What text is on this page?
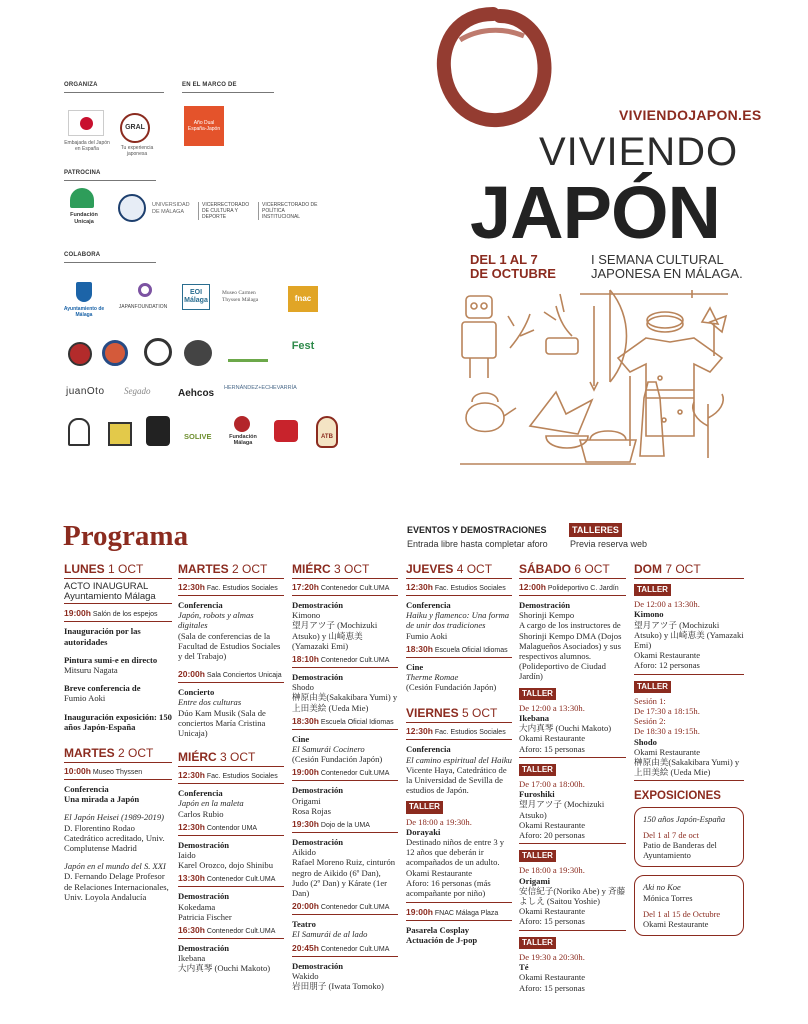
ORGANIZA	EN EL MARCO DE
Embajada del Japón en España
GRAL
Tu experiencia japonesa
Año Dual España-Japón
PATROCINA
Fundación Unicaja
UNIVERSIDAD DE MÁLAGA
VICERRECTORADO DE CULTURA Y DEPORTE
VICERRECTORADO DE POLÍTICA INSTITUCIONAL
COLABORA
Ayuntamiento de Málaga
JAPANFOUNDATION
EOI Málaga
Museo Carmen Thyssen Málaga	fnac
Fest
juanOto Segado	Aehcos HERNÁNDEZ+ECHEVARRÍA
SOLIVE	Fundación Málaga
ATB
VIVIENDOJAPON.ES
VIVIENDO
JAPÓN
DEL 1 AL 7
DE OCTUBRE
I SEMANA CULTURAL
JAPONESA EN MÁLAGA.
Programa	EVENTOS Y DEMOSTRACIONES
Entrada libre hasta completar aforo
TALLERES
Previa reserva web
LUNES 1 OCT
ACTO INAUGURAL
Ayuntamiento Málaga
19:00h Salón de los espejos
Inauguración por las autoridades
Pintura sumi-e en directo
Mitsuru Nagata
Breve conferencia de
Fumio Aoki
Inauguración exposición: 150 años Japón-España
MARTES 2 OCT
10:00h Museo Thyssen
Conferencia
Una mirada a Japón
El Japón Heisei (1989-2019)
D. Florentino Rodao Catedrático acreditado, Univ. Complutense Madrid
Japón en el mundo del S. XXI
D. Fernando Delage Profesor de Relaciones Internacionales, Univ. Loyola Andalucía
MARTES 2 OCT
12:30h Fac. Estudios Sociales
Conferencia
Japón, robots y almas digitales
(Sala de conferencias de la Facultad de Estudios Sociales y del Trabajo)
20:00h Sala Conciertos Unicaja
Concierto
Entre dos culturas
Dúo Kam Musik (Sala de conciertos María Cristina Unicaja)
MIÉRC 3 OCT
12:30h Fac. Estudios Sociales
Conferencia
Japón en la maleta
Carlos Rubio
12:30h Contendor UMA
Demostración
Iaido
Karel Orozco, dojo Shinibu
13:30h Contenedor Cult.UMA
Demostración
Kokedama
Patricia Fischer
16:30h Contenedor Cult.UMA
Demostración
Ikebana
大内真琴 (Ouchi Makoto)
MIÉRC 3 OCT
17:20h Contenedor Cult.UMA
Demostración
Kimono
望月アツ子 (Mochizuki Atsuko) y 山崎恵美 (Yamazaki Emi)
18:10h Contenedor Cult.UMA
Demostración
Shodo
榊原由美(Sakakibara Yumi) y 上田美絵 (Ueda Mie)
18:30h Escuela Oficial Idiomas
Cine
El Samurái Cocinero
(Cesión Fundación Japón)
19:00h Contenedor Cult.UMA
Demostración
Origami
Rosa Rojas
19:30h Dojo de la UMA
Demostración
Aikido
Rafael Moreno Ruiz, cinturón negro de Aikido (6º Dan), Judo (2º Dan) y Kárate (1er Dan)
20:00h Contenedor Cult.UMA
Teatro
El Samurái de al lado
20:45h Contenedor Cult.UMA
Demostración
Wakido
岩田朋子 (Iwata Tomoko)
JUEVES 4 OCT
12:30h Fac. Estudios Sociales
Conferencia
Haiku y flamenco: Una forma de unir dos tradiciones
Fumio Aoki
18:30h Escuela Oficial Idiomas
Cine
Therme Romae
(Cesión Fundación Japón)
VIERNES 5 OCT
12:30h Fac. Estudios Sociales
Conferencia
El camino espiritual del Haiku
Vicente Haya, Catedrático de la Universidad de Sevilla de estudios de Japón.
TALLER
De 18:00 a 19:30h.
Dorayaki
Destinado niños de entre 3 y 12 años que deberán ir acompañados de un adulto. Okami Restaurante
Aforo: 16 personas (más acompañante por niño)
19:00h FNAC Málaga Plaza
Pasarela Cosplay
Actuación de J-pop
SÁBADO 6 OCT
12:00h Polideportivo C. Jardín
Demostración
Shorinji Kempo
A cargo de los instructores de Shorinji Kempo DMA (Dojos Malagueños Asociados) y sus respectivos alumnos. (Polideportivo de Ciudad Jardín)
TALLER
De 12:00 a 13:30h.
Ikebana
大内真琴 (Ouchi Makoto)
Okami Restaurante
Aforo: 15 personas
TALLER
De 17:00 a 18:00h.
Furoshiki
望月アツ子 (Mochizuki Atsuko)
Okami Restaurante
Aforo: 20 personas
TALLER
De 18:00 a 19:30h.
Origami
安信紀子(Noriko Abe) y 斉藤よしえ (Saitou Yoshie)
Okami Restaurante
Aforo: 15 personas
TALLER
De 19:30 a 20:30h.
Té
Okami Restaurante
Aforo: 15 personas
DOM 7 OCT
TALLER
De 12:00 a 13:30h.
Kimono
望月アツ子 (Mochizuki Atsuko) y 山崎恵美 (Yamazaki Emi)
Okami Restaurante
Aforo: 12 personas
TALLER
Sesión 1:
De 17:30 a 18:15h.
Sesión 2:
De 18:30 a 19:15h.
Shodo
Okami Restaurante
榊原由美(Sakakibara Yumi) y 上田美絵 (Ueda Mie)
EXPOSICIONES
150 años Japón-España
Del 1 al 7 de oct
Patio de Banderas del Ayuntamiento
Aki no Koe
Mónica Torres
Del 1 al 15 de Octubre
Okami Restaurante
